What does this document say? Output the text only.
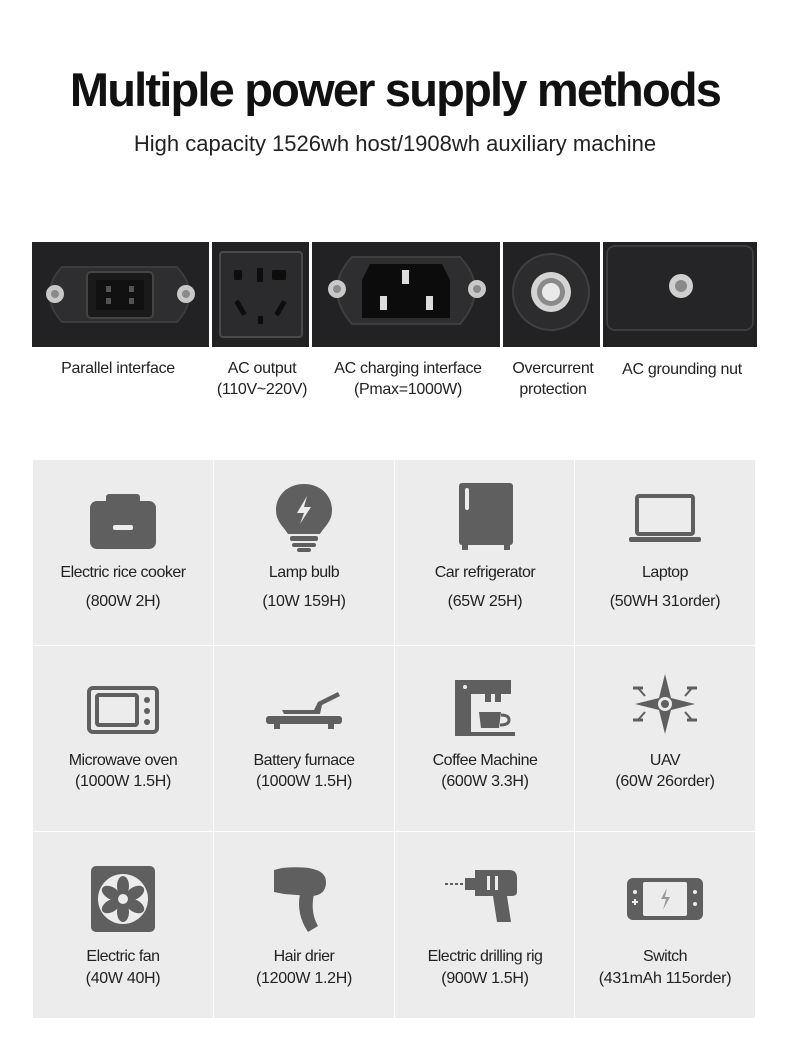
Multiple power supply methods
High capacity 1526wh host/1908wh auxiliary machine
Parallel interface	AC output
(110V~220V)
AC charging interface
(Pmax=1000W)
Overcurrent
protection
AC grounding nut
Electric rice cooker
(800W 2H)
Lamp bulb
(10W 159H)
Car refrigerator
(65W 25H)
Laptop
(50WH 31order)
Microwave oven
(1000W 1.5H)
Battery furnace
(1000W 1.5H)
Coffee Machine
(600W 3.3H)
UAV
(60W 26order)
Electric fan
(40W 40H)
Hair drier
(1200W 1.2H)
Electric drilling rig
(900W 1.5H)
Switch
(431mAh 115order)
